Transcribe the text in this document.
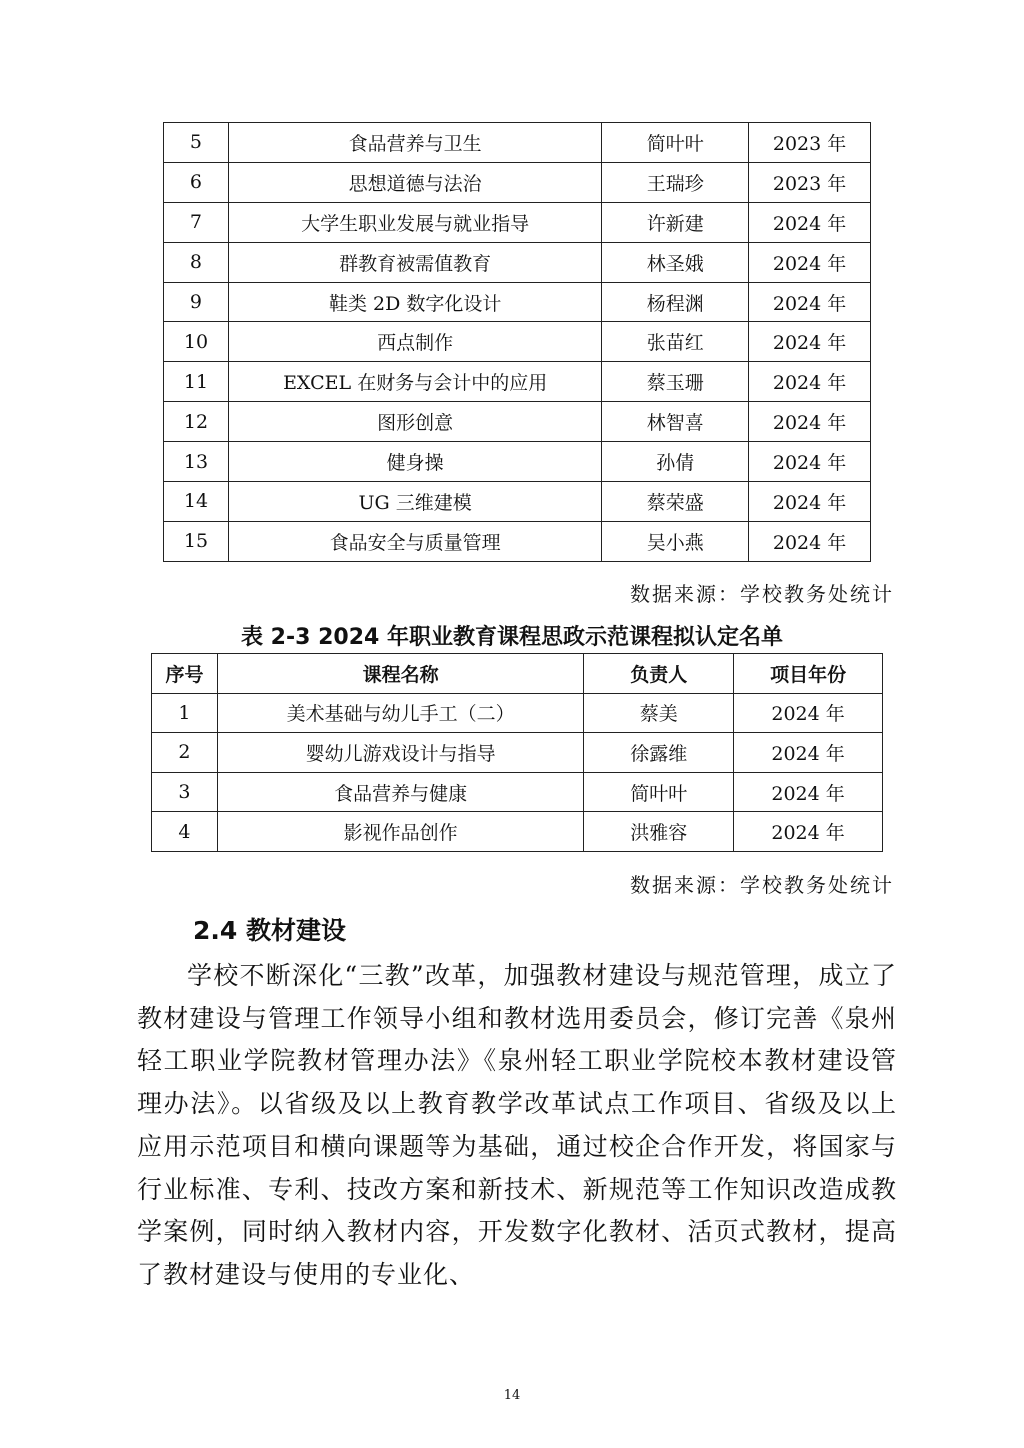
5	食品营养与卫生	简叶叶	2023 年
6	思想道德与法治	王瑞珍	2023 年
7	大学生职业发展与就业指导	许新建	2024 年
8	群教育被需值教育	林圣娥	2024 年
9	鞋类 2D 数字化设计	杨程渊	2024 年
10	西点制作	张苗红	2024 年
11	EXCEL 在财务与会计中的应用	蔡玉珊	2024 年
12	图形创意	林智喜	2024 年
13	健身操	孙倩	2024 年
14	UG 三维建模	蔡荣盛	2024 年
15	食品安全与质量管理	吴小燕	2024 年
数据来源：学校教务处统计
表 2-3 2024 年职业教育课程思政示范课程拟认定名单
序号	课程名称	负责人	项目年份
1	美术基础与幼儿手工（二）	蔡美	2024 年
2	婴幼儿游戏设计与指导	徐露维	2024 年
3	食品营养与健康	简叶叶	2024 年
4	影视作品创作	洪雅容	2024 年
数据来源：学校教务处统计
2.4 教材建设

学校不断深化“三教”改革，加强教材建设与规范管理，成立了教材建设与管理工作领导小组和教材选用委员会，修订完善《泉州轻工职业学院教材管理办法》《泉州轻工职业学院校本教材建设管理办法》。以省级及以上教育教学改革试点工作项目、省级及以上应用示范项目和横向课题等为基础，通过校企合作开发，将国家与行业标准、专利、技改方案和新技术、新规范等工作知识改造成教学案例，同时纳入教材内容，开发数字化教材、活页式教材，提高了教材建设与使用的专业化、

14
